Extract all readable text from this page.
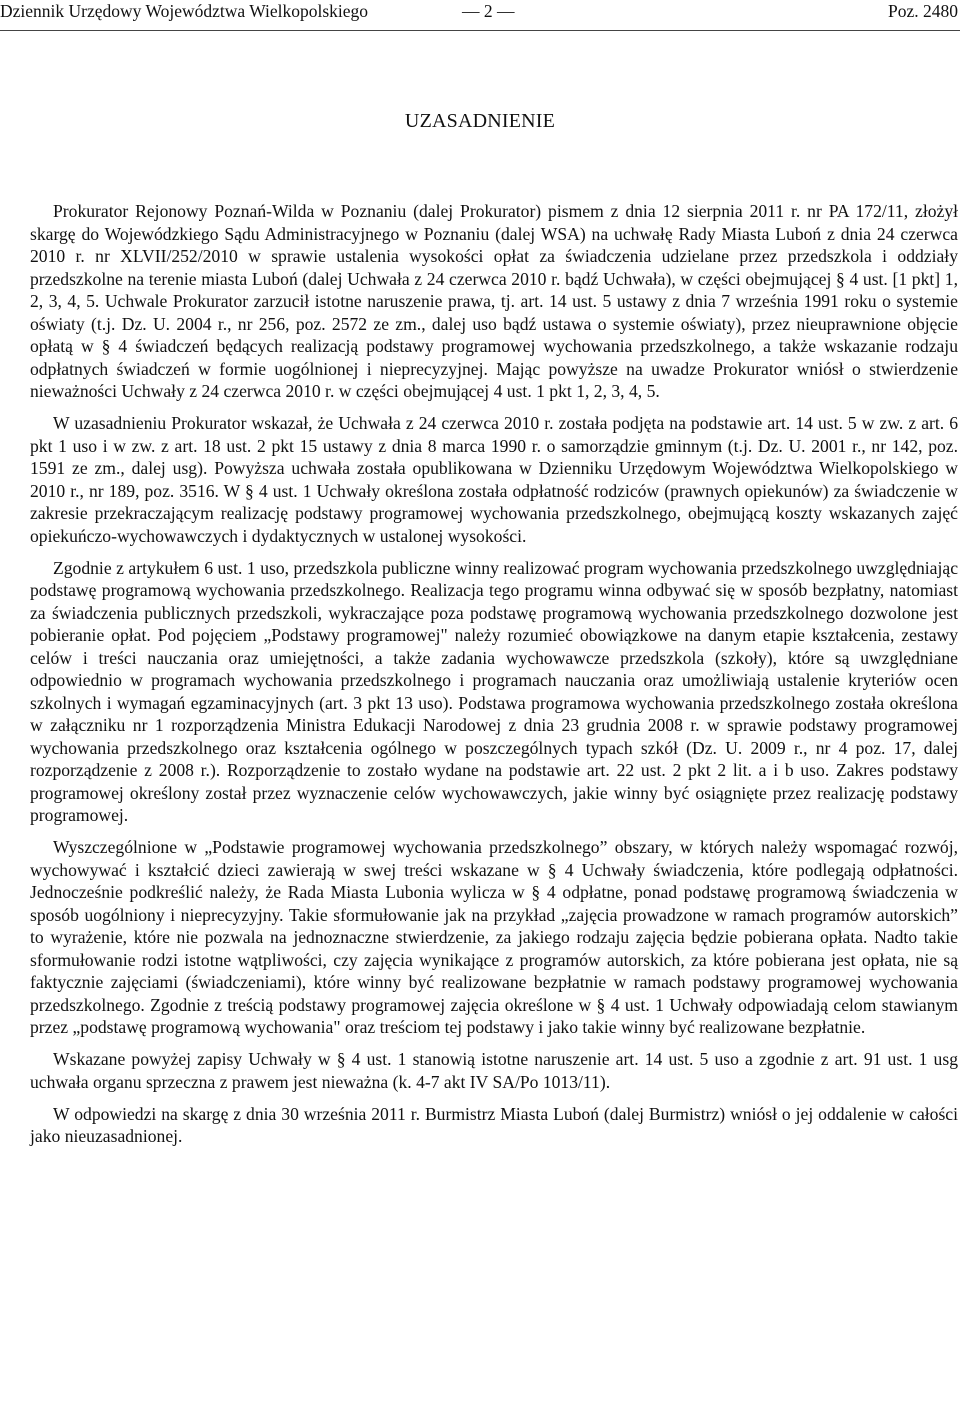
Dziennik Urzędowy Województwa Wielkopolskiego	— 2 —	Poz. 2480
UZASADNIENIE

Prokurator Rejonowy Poznań-Wilda w Poznaniu (dalej Prokurator) pismem z dnia 12 sierpnia 2011 r. nr PA 172/11, złożył skargę do Wojewódzkiego Sądu Administracyjnego w Poznaniu (dalej WSA) na uchwałę Rady Miasta Luboń z dnia 24 czerwca 2010 r. nr XLVII/252/2010 w sprawie ustalenia wysokości opłat za świadczenia udzielane przez przedszkola i oddziały przedszkolne na terenie miasta Luboń (dalej Uchwała z 24 czerwca 2010 r. bądź Uchwała), w części obejmującej § 4 ust. [1 pkt] 1, 2, 3, 4, 5. Uchwale Prokurator zarzucił istotne naruszenie prawa, tj. art. 14 ust. 5 ustawy z dnia 7 września 1991 roku o systemie oświaty (t.j. Dz. U. 2004 r., nr 256, poz. 2572 ze zm., dalej uso bądź ustawa o systemie oświaty), przez nieuprawnione objęcie opłatą w § 4 świadczeń będących realizacją podstawy programowej wychowania przedszkolnego, a także wskazanie rodzaju odpłatnych świadczeń w formie uogólnionej i nieprecyzyjnej. Mając powyższe na uwadze Prokurator wniósł o stwierdzenie nieważności Uchwały z 24 czerwca 2010 r. w części obejmującej 4 ust. 1 pkt 1, 2, 3, 4, 5.

W uzasadnieniu Prokurator wskazał, że Uchwała z 24 czerwca 2010 r. została podjęta na podstawie art. 14 ust. 5 w zw. z art. 6 pkt 1 uso i w zw. z art. 18 ust. 2 pkt 15 ustawy z dnia 8 marca 1990 r. o samorządzie gminnym (t.j. Dz. U. 2001 r., nr 142, poz. 1591 ze zm., dalej usg). Powyższa uchwała została opublikowana w Dzienniku Urzędowym Województwa Wielkopolskiego w 2010 r., nr 189, poz. 3516. W § 4 ust. 1 Uchwały określona została odpłatność rodziców (prawnych opiekunów) za świadczenie w zakresie przekraczającym realizację podstawy programowej wychowania przedszkolnego, obejmującą koszty wskazanych zajęć opiekuńczo-wychowawczych i dydaktycznych w ustalonej wysokości.

Zgodnie z artykułem 6 ust. 1 uso, przedszkola publiczne winny realizować program wychowania przedszkolnego uwzględniając podstawę programową wychowania przedszkolnego. Realizacja tego programu winna odbywać się w sposób bezpłatny, natomiast za świadczenia publicznych przedszkoli, wykraczające poza podstawę programową wychowania przedszkolnego dozwolone jest pobieranie opłat. Pod pojęciem „Podstawy programowej" należy rozumieć obowiązkowe na danym etapie kształcenia, zestawy celów i treści nauczania oraz umiejętności, a także zadania wychowawcze przedszkola (szkoły), które są uwzględniane odpowiednio w programach wychowania przedszkolnego i programach nauczania oraz umożliwiają ustalenie kryteriów ocen szkolnych i wymagań egzaminacyjnych (art. 3 pkt 13 uso). Podstawa programowa wychowania przedszkolnego została określona w załączniku nr 1 rozporządzenia Ministra Edukacji Narodowej z dnia 23 grudnia 2008 r. w sprawie podstawy programowej wychowania przedszkolnego oraz kształcenia ogólnego w poszczególnych typach szkół (Dz. U. 2009 r., nr 4 poz. 17, dalej rozporządzenie z 2008 r.). Rozporządzenie to zostało wydane na podstawie art. 22 ust. 2 pkt 2 lit. a i b uso. Zakres podstawy programowej określony został przez wyznaczenie celów wychowawczych, jakie winny być osiągnięte przez realizację podstawy programowej.

Wyszczególnione w „Podstawie programowej wychowania przedszkolnego” obszary, w których należy wspomagać rozwój, wychowywać i kształcić dzieci zawierają w swej treści wskazane w § 4 Uchwały świadczenia, które podlegają odpłatności. Jednocześnie podkreślić należy, że Rada Miasta Lubonia wylicza w § 4 odpłatne, ponad podstawę programową świadczenia w sposób uogólniony i nieprecyzyjny. Takie sformułowanie jak na przykład „zajęcia prowadzone w ramach programów autorskich” to wyrażenie, które nie pozwala na jednoznaczne stwierdzenie, za jakiego rodzaju zajęcia będzie pobierana opłata. Nadto takie sformułowanie rodzi istotne wątpliwości, czy zajęcia wynikające z programów autorskich, za które pobierana jest opłata, nie są faktycznie zajęciami (świadczeniami), które winny być realizowane bezpłatnie w ramach podstawy programowej wychowania przedszkolnego. Zgodnie z treścią podstawy programowej zajęcia określone w § 4 ust. 1 Uchwały odpowiadają celom stawianym przez „podstawę programową wychowania" oraz treściom tej podstawy i jako takie winny być realizowane bezpłatnie.

Wskazane powyżej zapisy Uchwały w § 4 ust. 1 stanowią istotne naruszenie art. 14 ust. 5 uso a zgodnie z art. 91 ust. 1 usg uchwała organu sprzeczna z prawem jest nieważna (k. 4-7 akt IV SA/Po 1013/11).

W odpowiedzi na skargę z dnia 30 września 2011 r. Burmistrz Miasta Luboń (dalej Burmistrz) wniósł o jej oddalenie w całości jako nieuzasadnionej.
